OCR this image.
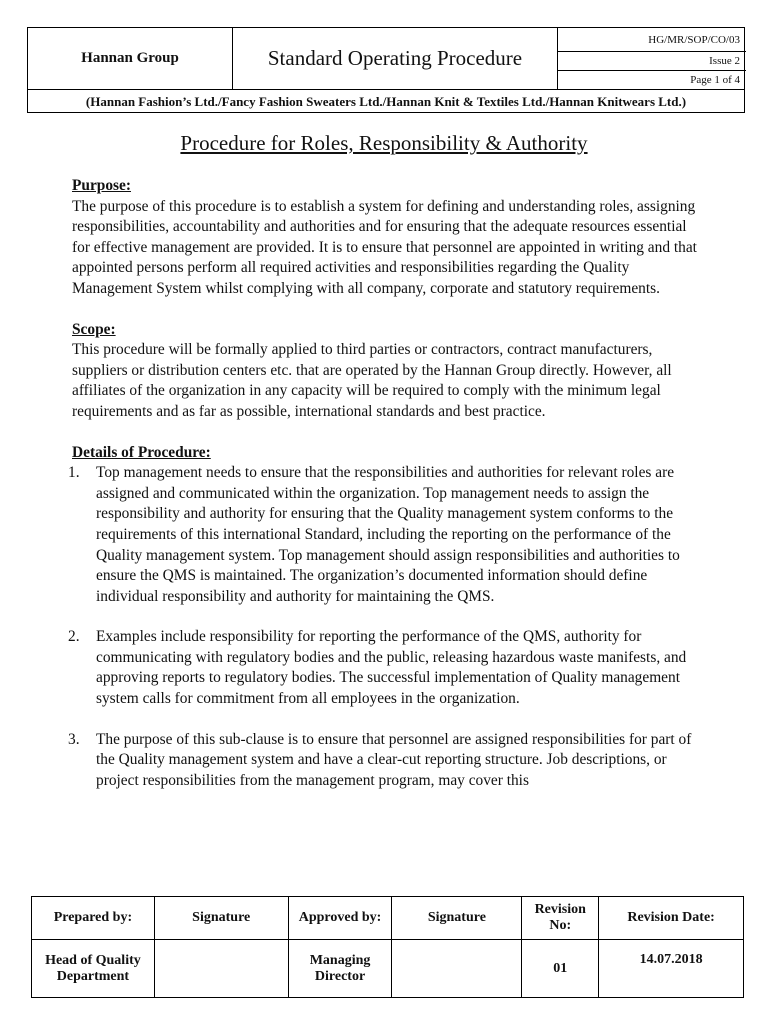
Hannan Group	Standard Operating Procedure
HG/MR/SOP/CO/03
Issue 2
Page 1 of 4
(Hannan Fashion’s Ltd./Fancy Fashion Sweaters Ltd./Hannan Knit & Textiles Ltd./Hannan Knitwears Ltd.)
Procedure for Roles, Responsibility & Authority
Purpose:

The purpose of this procedure is to establish a system for defining and understanding roles, assigning responsibilities, accountability and authorities and for ensuring that the adequate resources essential for effective management are provided. It is to ensure that personnel are appointed in writing and that appointed persons perform all required activities and responsibilities regarding the Quality Management System whilst complying with all company, corporate and statutory requirements.

Scope:

This procedure will be formally applied to third parties or contractors, contract manufacturers, suppliers or distribution centers etc. that are operated by the Hannan Group directly. However, all affiliates of the organization in any capacity will be required to comply with the minimum legal requirements and as far as possible, international standards and best practice.

Details of Procedure:
1. Top management needs to ensure that the responsibilities and authorities for relevant roles are assigned and communicated within the organization. Top management needs to assign the responsibility and authority for ensuring that the Quality management system conforms to the requirements of this international Standard, including the reporting on the performance of the Quality management system. Top management should assign responsibilities and authorities to ensure the QMS is maintained. The organization’s documented information should define individual responsibility and authority for maintaining the QMS.
2. Examples include responsibility for reporting the performance of the QMS, authority for communicating with regulatory bodies and the public, releasing hazardous waste manifests, and approving reports to regulatory bodies. The successful implementation of Quality management system calls for commitment from all employees in the organization.
3. The purpose of this sub-clause is to ensure that personnel are assigned responsibilities for part of the Quality management system and have a clear-cut reporting structure. Job descriptions, or project responsibilities from the management program, may cover this
Prepared by:	Signature	Approved by:	Signature	Revision No:	Revision Date:
Head of Quality Department		Managing Director		01	14.07.2018
